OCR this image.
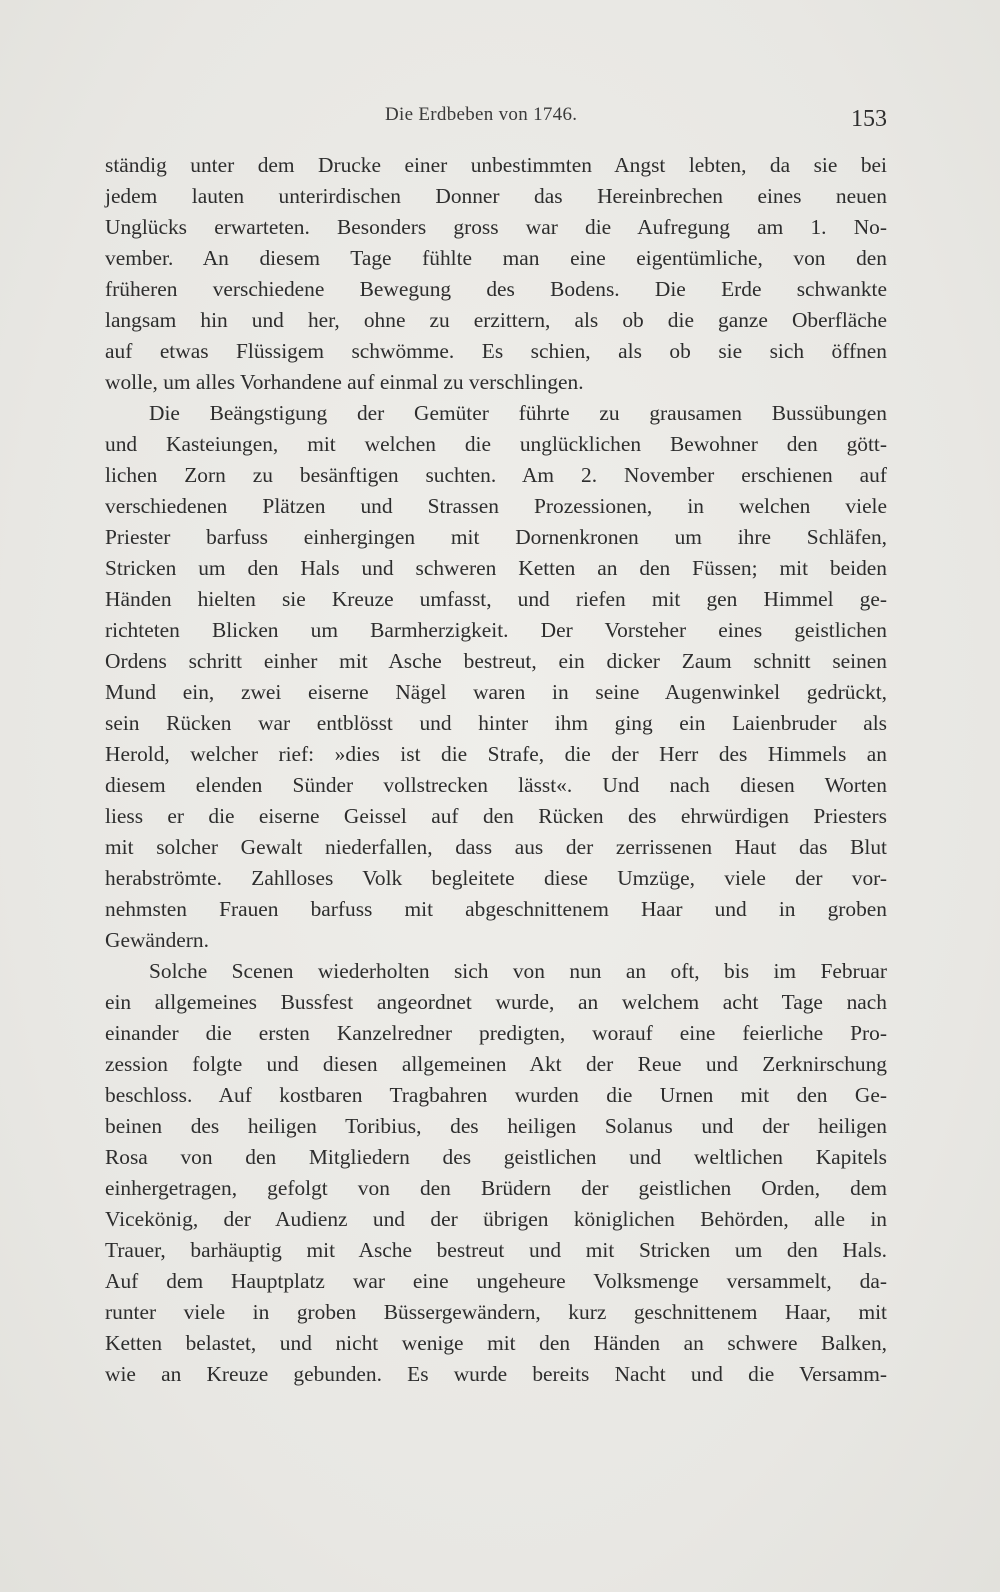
Die Erdbeben von 1746.	153
ständig unter dem Drucke einer unbestimmten Angst lebten, da sie bei
jedem lauten unterirdischen Donner das Hereinbrechen eines neuen
Unglücks erwarteten. Besonders gross war die Aufregung am 1. No-
vember. An diesem Tage fühlte man eine eigentümliche, von den
früheren verschiedene Bewegung des Bodens. Die Erde schwankte
langsam hin und her, ohne zu erzittern, als ob die ganze Oberfläche
auf etwas Flüssigem schwömme. Es schien, als ob sie sich öffnen
wolle, um alles Vorhandene auf einmal zu verschlingen.
Die Beängstigung der Gemüter führte zu grausamen Bussübungen
und Kasteiungen, mit welchen die unglücklichen Bewohner den gött-
lichen Zorn zu besänftigen suchten. Am 2. November erschienen auf
verschiedenen Plätzen und Strassen Prozessionen, in welchen viele
Priester barfuss einhergingen mit Dornenkronen um ihre Schläfen,
Stricken um den Hals und schweren Ketten an den Füssen; mit beiden
Händen hielten sie Kreuze umfasst, und riefen mit gen Himmel ge-
richteten Blicken um Barmherzigkeit. Der Vorsteher eines geistlichen
Ordens schritt einher mit Asche bestreut, ein dicker Zaum schnitt seinen
Mund ein, zwei eiserne Nägel waren in seine Augenwinkel gedrückt,
sein Rücken war entblösst und hinter ihm ging ein Laienbruder als
Herold, welcher rief: »dies ist die Strafe, die der Herr des Himmels an
diesem elenden Sünder vollstrecken lässt«. Und nach diesen Worten
liess er die eiserne Geissel auf den Rücken des ehrwürdigen Priesters
mit solcher Gewalt niederfallen, dass aus der zerrissenen Haut das Blut
herabströmte. Zahlloses Volk begleitete diese Umzüge, viele der vor-
nehmsten Frauen barfuss mit abgeschnittenem Haar und in groben
Gewändern.
Solche Scenen wiederholten sich von nun an oft, bis im Februar
ein allgemeines Bussfest angeordnet wurde, an welchem acht Tage nach
einander die ersten Kanzelredner predigten, worauf eine feierliche Pro-
zession folgte und diesen allgemeinen Akt der Reue und Zerknirschung
beschloss. Auf kostbaren Tragbahren wurden die Urnen mit den Ge-
beinen des heiligen Toribius, des heiligen Solanus und der heiligen
Rosa von den Mitgliedern des geistlichen und weltlichen Kapitels
einhergetragen, gefolgt von den Brüdern der geistlichen Orden, dem
Vicekönig, der Audienz und der übrigen königlichen Behörden, alle in
Trauer, barhäuptig mit Asche bestreut und mit Stricken um den Hals.
Auf dem Hauptplatz war eine ungeheure Volksmenge versammelt, da-
runter viele in groben Büssergewändern, kurz geschnittenem Haar, mit
Ketten belastet, und nicht wenige mit den Händen an schwere Balken,
wie an Kreuze gebunden. Es wurde bereits Nacht und die Versamm-
